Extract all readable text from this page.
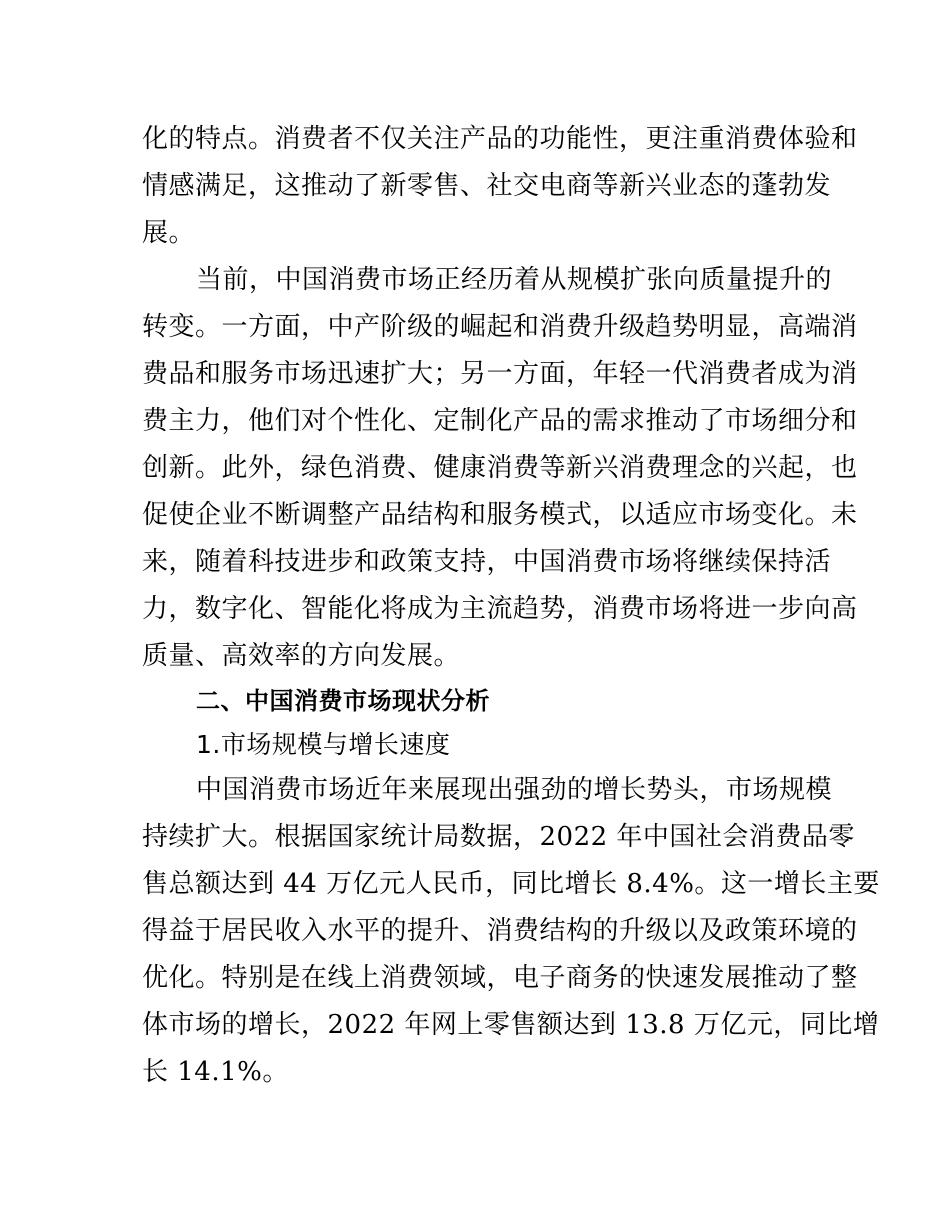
化的特点。消费者不仅关注产品的功能性，更注重消费体验和
情感满足，这推动了新零售、社交电商等新兴业态的蓬勃发
展。
当前，中国消费市场正经历着从规模扩张向质量提升的
转变。一方面，中产阶级的崛起和消费升级趋势明显，高端消
费品和服务市场迅速扩大；另一方面，年轻一代消费者成为消
费主力，他们对个性化、定制化产品的需求推动了市场细分和
创新。此外，绿色消费、健康消费等新兴消费理念的兴起，也
促使企业不断调整产品结构和服务模式，以适应市场变化。未
来，随着科技进步和政策支持，中国消费市场将继续保持活
力，数字化、智能化将成为主流趋势，消费市场将进一步向高
质量、高效率的方向发展。
二、中国消费市场现状分析
1.市场规模与增长速度
中国消费市场近年来展现出强劲的增长势头，市场规模
持续扩大。根据国家统计局数据，2022 年中国社会消费品零
售总额达到 44 万亿元人民币，同比增长 8.4%。这一增长主要
得益于居民收入水平的提升、消费结构的升级以及政策环境的
优化。特别是在线上消费领域，电子商务的快速发展推动了整
体市场的增长，2022 年网上零售额达到 13.8 万亿元，同比增
长 14.1%。
